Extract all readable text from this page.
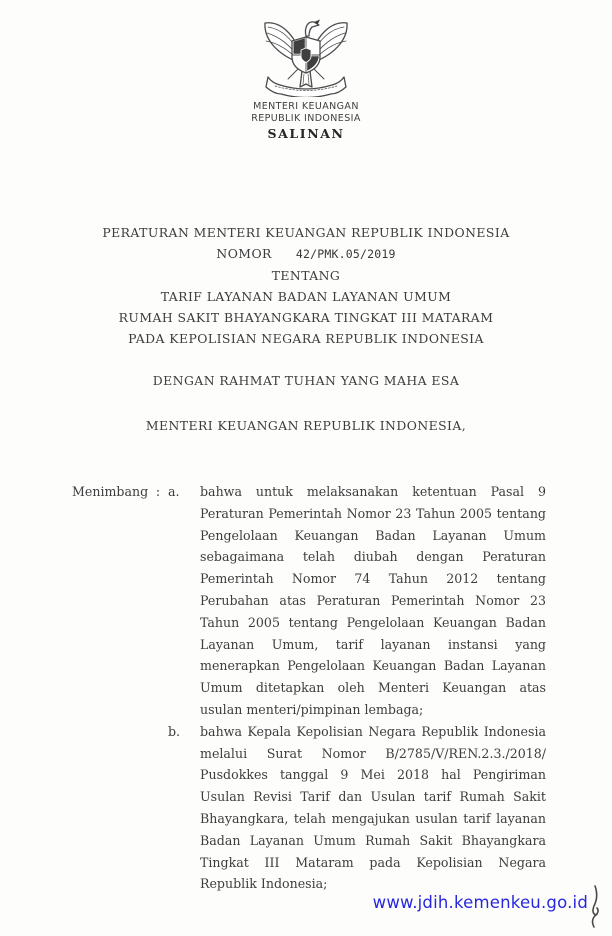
MENTERI KEUANGAN
REPUBLIK INDONESIA
SALINAN
PERATURAN MENTERI KEUANGAN REPUBLIK INDONESIA
NOMOR 42/PMK.05/2019
TENTANG
TARIF LAYANAN BADAN LAYANAN UMUM
RUMAH SAKIT BHAYANGKARA TINGKAT III MATARAM
PADA KEPOLISIAN NEGARA REPUBLIK INDONESIA
DENGAN RAHMAT TUHAN YANG MAHA ESA
MENTERI KEUANGAN REPUBLIK INDONESIA,
Menimbang : a.	bahwa untuk melaksanakan ketentuan Pasal 9 Peraturan Pemerintah Nomor 23 Tahun 2005 tentang Pengelolaan Keuangan Badan Layanan Umum sebagaimana telah diubah dengan Peraturan Pemerintah Nomor 74 Tahun 2012 tentang Perubahan atas Peraturan Pemerintah Nomor 23 Tahun 2005 tentang Pengelolaan Keuangan Badan Layanan Umum, tarif layanan instansi yang menerapkan Pengelolaan Keuangan Badan Layanan Umum ditetapkan oleh Menteri Keuangan atas usulan menteri/pimpinan lembaga;

b.	bahwa Kepala Kepolisian Negara Republik Indonesia melalui Surat Nomor B/2785/V/REN.2.3./2018/ Pusdokkes tanggal 9 Mei 2018 hal Pengiriman Usulan Revisi Tarif dan Usulan tarif Rumah Sakit Bhayangkara, telah mengajukan usulan tarif layanan Badan Layanan Umum Rumah Sakit Bhayangkara Tingkat III Mataram pada Kepolisian Negara Republik Indonesia;

www.jdih.kemenkeu.go.id
